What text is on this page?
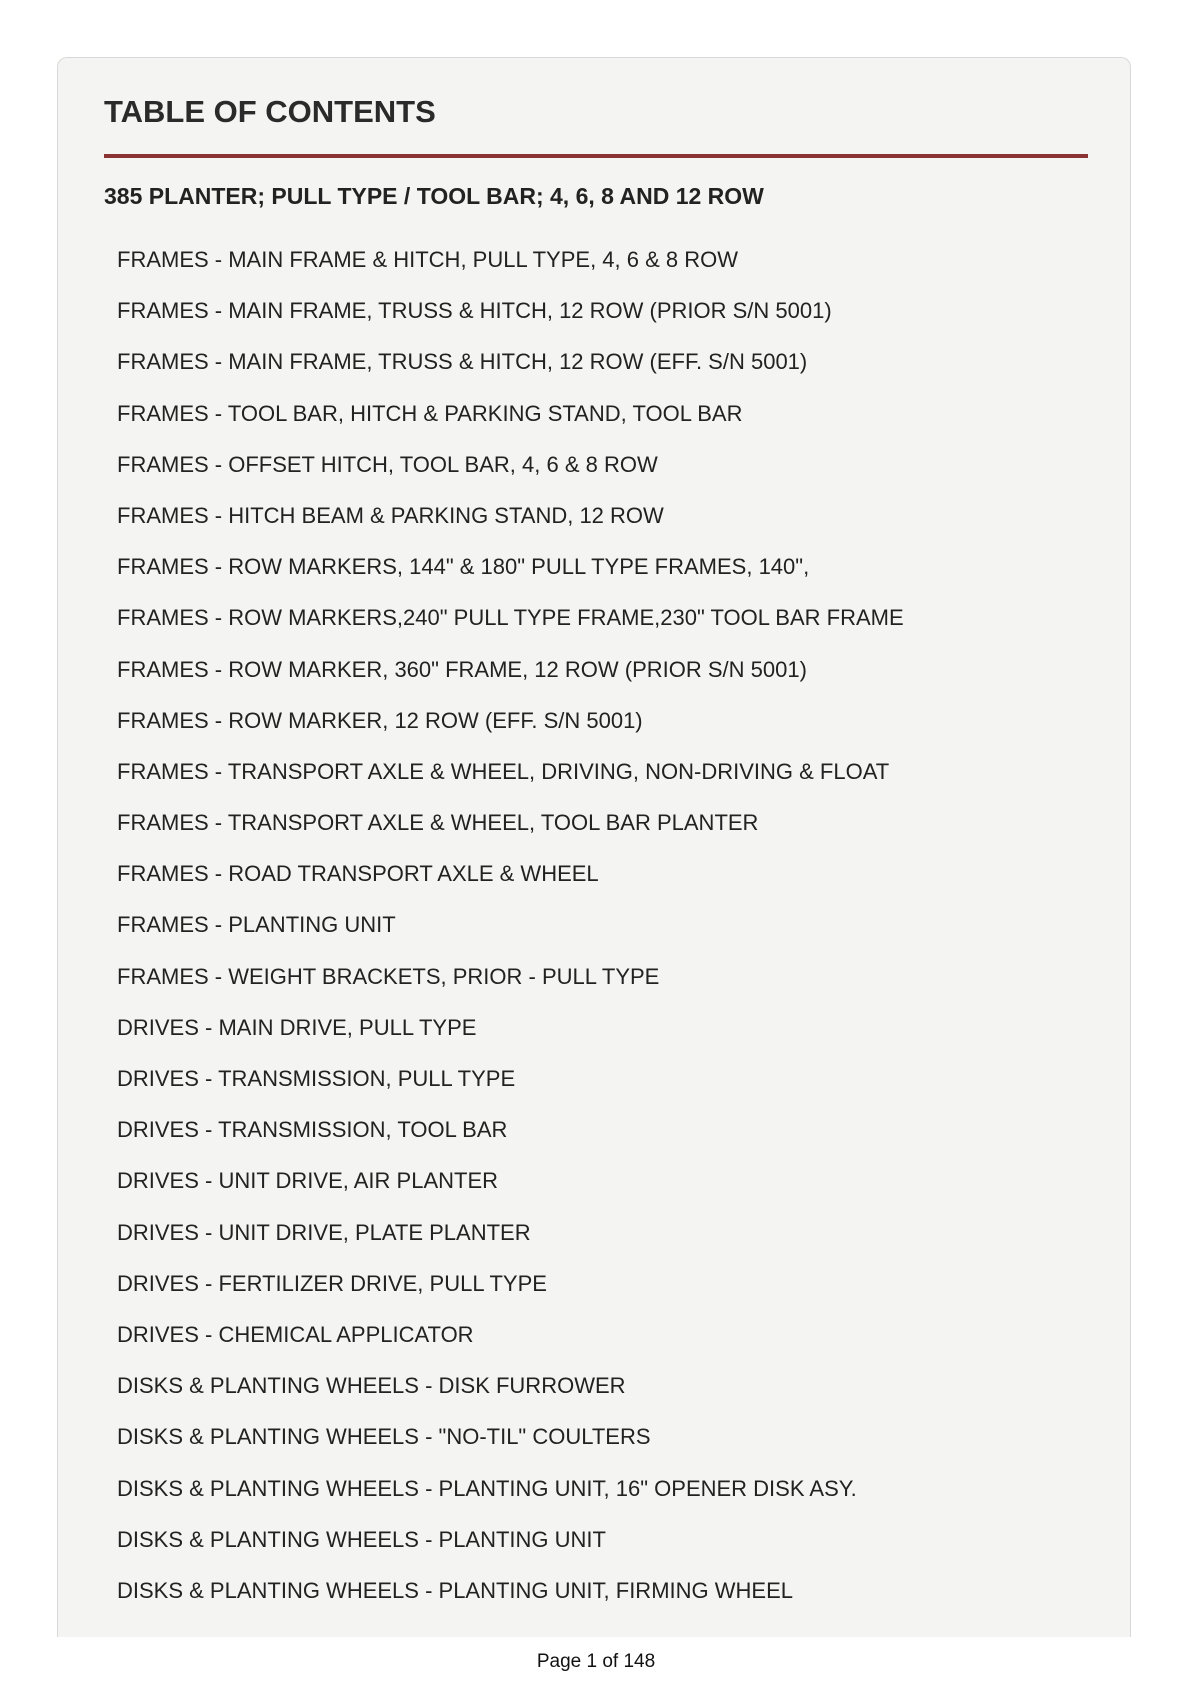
TABLE OF CONTENTS
385 PLANTER; PULL TYPE / TOOL BAR; 4, 6, 8 AND 12 ROW
FRAMES - MAIN FRAME & HITCH, PULL TYPE, 4, 6 & 8 ROW
FRAMES - MAIN FRAME, TRUSS & HITCH, 12 ROW (PRIOR S/N 5001)
FRAMES - MAIN FRAME, TRUSS & HITCH, 12 ROW (EFF. S/N 5001)
FRAMES - TOOL BAR, HITCH & PARKING STAND, TOOL BAR
FRAMES - OFFSET HITCH, TOOL BAR, 4, 6 & 8 ROW
FRAMES - HITCH BEAM & PARKING STAND, 12 ROW
FRAMES - ROW MARKERS, 144" & 180" PULL TYPE FRAMES, 140",
FRAMES - ROW MARKERS,240" PULL TYPE FRAME,230" TOOL BAR FRAME
FRAMES - ROW MARKER, 360" FRAME, 12 ROW (PRIOR S/N 5001)
FRAMES - ROW MARKER, 12 ROW (EFF. S/N 5001)
FRAMES - TRANSPORT AXLE & WHEEL, DRIVING, NON-DRIVING & FLOAT
FRAMES - TRANSPORT AXLE & WHEEL, TOOL BAR PLANTER
FRAMES - ROAD TRANSPORT AXLE & WHEEL
FRAMES - PLANTING UNIT
FRAMES - WEIGHT BRACKETS, PRIOR - PULL TYPE
DRIVES - MAIN DRIVE, PULL TYPE
DRIVES - TRANSMISSION, PULL TYPE
DRIVES - TRANSMISSION, TOOL BAR
DRIVES - UNIT DRIVE, AIR PLANTER
DRIVES - UNIT DRIVE, PLATE PLANTER
DRIVES - FERTILIZER DRIVE, PULL TYPE
DRIVES - CHEMICAL APPLICATOR
DISKS & PLANTING WHEELS - DISK FURROWER
DISKS & PLANTING WHEELS - "NO-TIL" COULTERS
DISKS & PLANTING WHEELS - PLANTING UNIT, 16" OPENER DISK ASY.
DISKS & PLANTING WHEELS - PLANTING UNIT
DISKS & PLANTING WHEELS - PLANTING UNIT, FIRMING WHEEL
Page 1 of 148
